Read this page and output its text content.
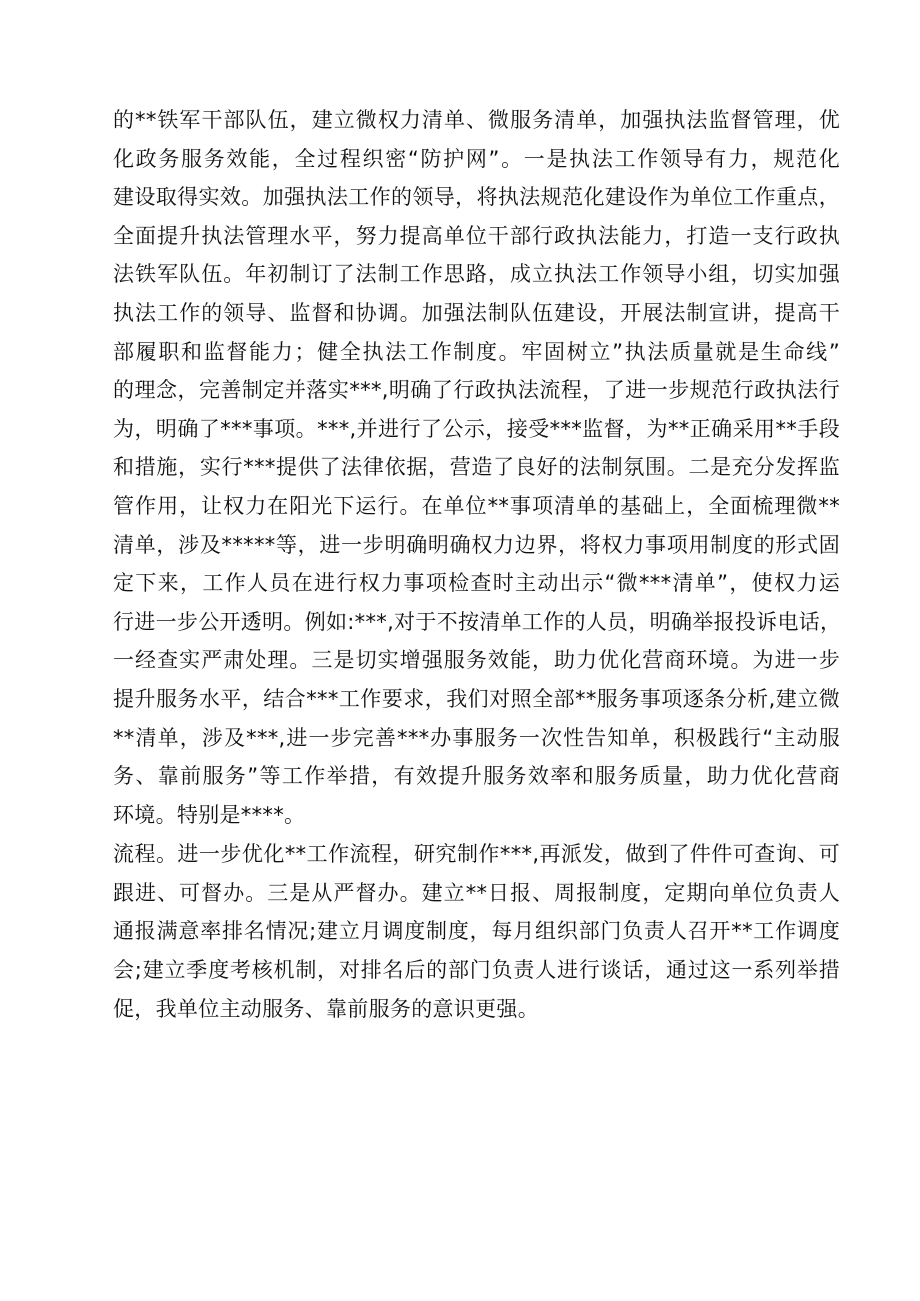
的**铁军干部队伍，建立微权力清单、微服务清单，加强执法监督管理，优
化政务服务效能，全过程织密“防护网”。一是执法工作领导有力，规范化
建设取得实效。加强执法工作的领导，将执法规范化建设作为单位工作重点，
全面提升执法管理水平，努力提高单位干部行政执法能力，打造一支行政执
法铁军队伍。年初制订了法制工作思路，成立执法工作领导小组，切实加强
执法工作的领导、监督和协调。加强法制队伍建设，开展法制宣讲，提高干
部履职和监督能力；健全执法工作制度。牢固树立”执法质量就是生命线”
的理念，完善制定并落实***,明确了行政执法流程，了进一步规范行政执法行
为，明确了***事项。***,并进行了公示，接受***监督，为**正确采用**手段
和措施，实行***提供了法律依据，营造了良好的法制氛围。二是充分发挥监
管作用，让权力在阳光下运行。在单位**事项清单的基础上，全面梳理微**
清单，涉及*****等，进一步明确明确权力边界，将权力事项用制度的形式固
定下来，工作人员在进行权力事项检查时主动出示“微***清单”，使权力运
行进一步公开透明。例如:***,对于不按清单工作的人员，明确举报投诉电话，
一经查实严肃处理。三是切实增强服务效能，助力优化营商环境。为进一步
提升服务水平，结合***工作要求，我们对照全部**服务事项逐条分析,建立微
**清单，涉及***,进一步完善***办事服务一次性告知单，积极践行“主动服
务、靠前服务”等工作举措，有效提升服务效率和服务质量，助力优化营商
环境。特别是****。
流程。进一步优化**工作流程，研究制作***,再派发，做到了件件可查询、可
跟进、可督办。三是从严督办。建立**日报、周报制度，定期向单位负责人
通报满意率排名情况;建立月调度制度，每月组织部门负责人召开**工作调度
会;建立季度考核机制，对排名后的部门负责人进行谈话，通过这一系列举措
促，我单位主动服务、靠前服务的意识更强。
